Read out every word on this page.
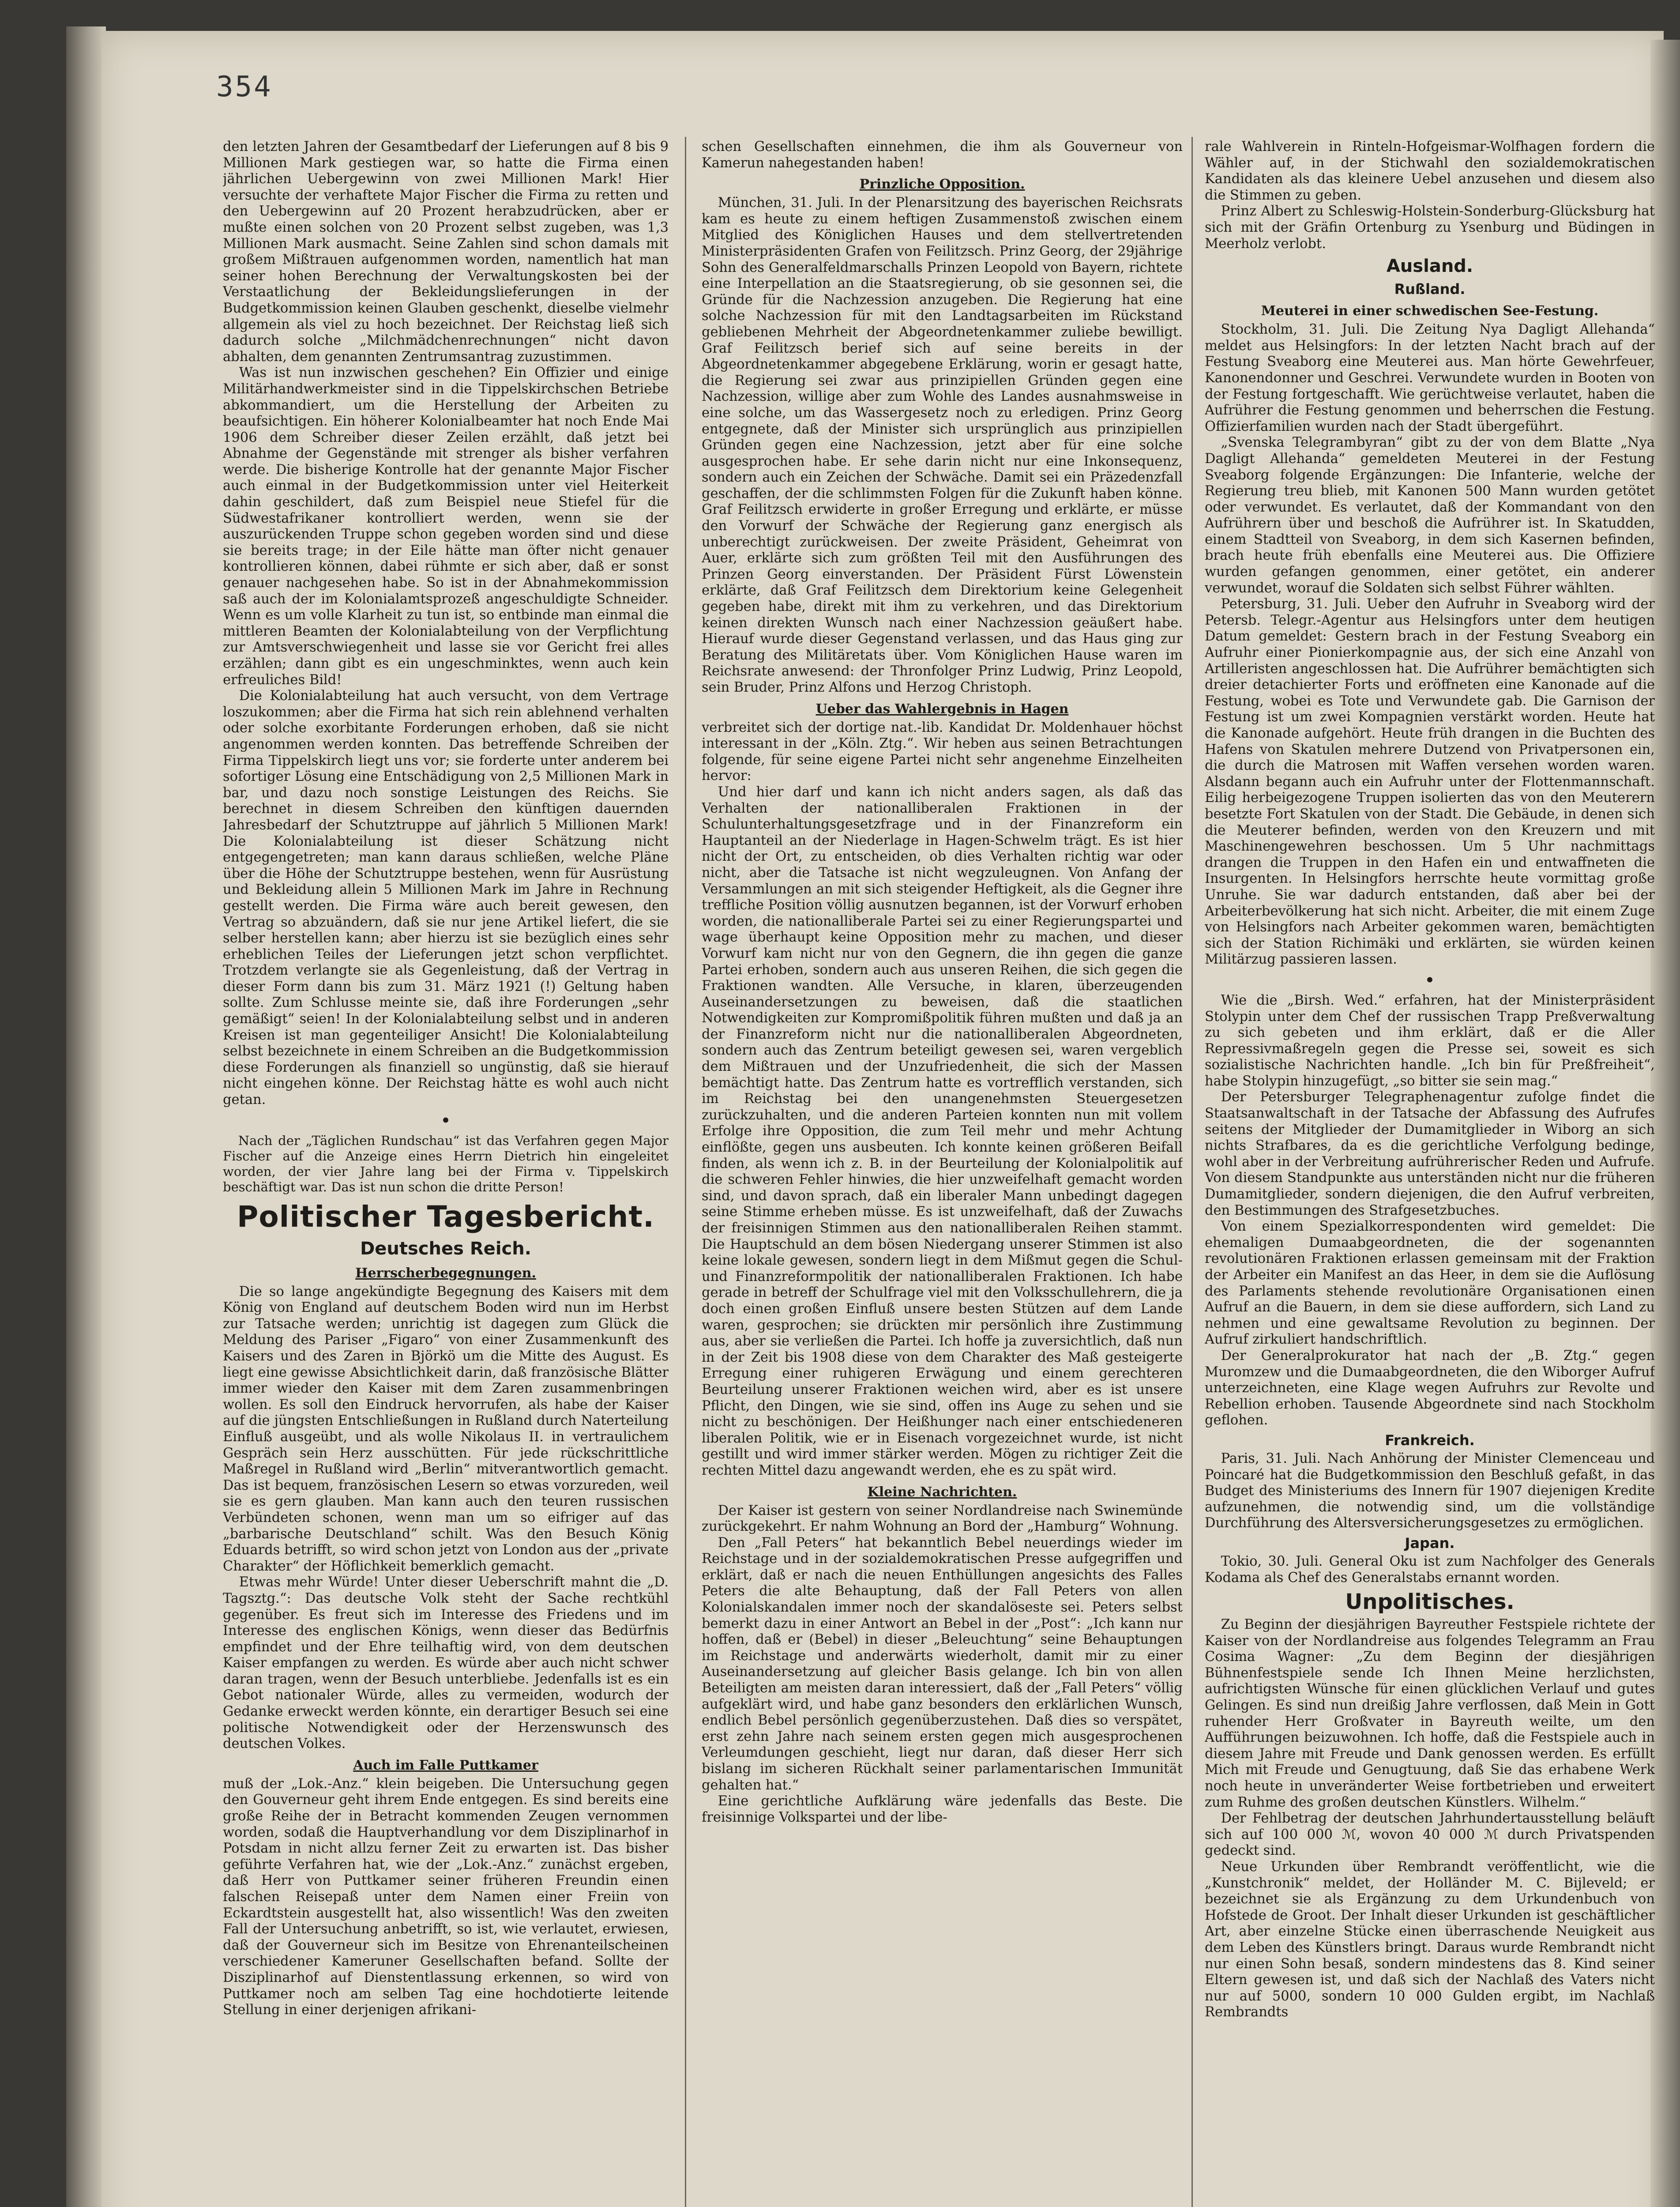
354

den letzten Jahren der Gesamtbedarf der Lieferungen auf 8 bis 9 Millionen Mark gestiegen war, so hatte die Firma einen jährlichen Uebergewinn von zwei Millionen Mark! Hier versuchte der verhaftete Major Fischer die Firma zu retten und den Uebergewinn auf 20 Prozent herabzudrücken, aber er mußte einen solchen von 20 Prozent selbst zugeben, was 1,3 Millionen Mark ausmacht. Seine Zahlen sind schon damals mit großem Mißtrauen aufgenommen worden, namentlich hat man seiner hohen Berechnung der Verwaltungskosten bei der Verstaatlichung der Bekleidungslieferungen in der Budgetkommission keinen Glauben geschenkt, dieselbe vielmehr allgemein als viel zu hoch bezeichnet. Der Reichstag ließ sich dadurch solche „Milchmädchenrechnungen“ nicht davon abhalten, dem genannten Zentrumsantrag zuzustimmen.

Was ist nun inzwischen geschehen? Ein Offizier und einige Militärhandwerkmeister sind in die Tippelskirchschen Betriebe abkommandiert, um die Herstellung der Arbeiten zu beaufsichtigen. Ein höherer Kolonialbeamter hat noch Ende Mai 1906 dem Schreiber dieser Zeilen erzählt, daß jetzt bei Abnahme der Gegenstände mit strenger als bisher verfahren werde. Die bisherige Kontrolle hat der genannte Major Fischer auch einmal in der Budgetkommission unter viel Heiterkeit dahin geschildert, daß zum Beispiel neue Stiefel für die Südwestafrikaner kontrolliert werden, wenn sie der auszurückenden Truppe schon gegeben worden sind und diese sie bereits trage; in der Eile hätte man öfter nicht genauer kontrollieren können, dabei rühmte er sich aber, daß er sonst genauer nachgesehen habe. So ist in der Abnahmekommission saß auch der im Kolonialamtsprozeß angeschuldigte Schneider. Wenn es um volle Klarheit zu tun ist, so entbinde man einmal die mittleren Beamten der Kolonialabteilung von der Verpflichtung zur Amtsverschwiegenheit und lasse sie vor Gericht frei alles erzählen; dann gibt es ein ungeschminktes, wenn auch kein erfreuliches Bild!

Die Kolonialabteilung hat auch versucht, von dem Vertrage loszukommen; aber die Firma hat sich rein ablehnend verhalten oder solche exorbitante Forderungen erhoben, daß sie nicht angenommen werden konnten. Das betreffende Schreiben der Firma Tippelskirch liegt uns vor; sie forderte unter anderem bei sofortiger Lösung eine Entschädigung von 2,5 Millionen Mark in bar, und dazu noch sonstige Leistungen des Reichs. Sie berechnet in diesem Schreiben den künftigen dauernden Jahresbedarf der Schutztruppe auf jährlich 5 Millionen Mark! Die Kolonialabteilung ist dieser Schätzung nicht entgegengetreten; man kann daraus schließen, welche Pläne über die Höhe der Schutztruppe bestehen, wenn für Ausrüstung und Bekleidung allein 5 Millionen Mark im Jahre in Rechnung gestellt werden. Die Firma wäre auch bereit gewesen, den Vertrag so abzuändern, daß sie nur jene Artikel liefert, die sie selber herstellen kann; aber hierzu ist sie bezüglich eines sehr erheblichen Teiles der Lieferungen jetzt schon verpflichtet. Trotzdem verlangte sie als Gegenleistung, daß der Vertrag in dieser Form dann bis zum 31. März 1921 (!) Geltung haben sollte. Zum Schlusse meinte sie, daß ihre Forderungen „sehr gemäßigt“ seien! In der Kolonialabteilung selbst und in anderen Kreisen ist man gegenteiliger Ansicht! Die Kolonialabteilung selbst bezeichnete in einem Schreiben an die Budgetkommission diese Forderungen als finanziell so ungünstig, daß sie hierauf nicht eingehen könne. Der Reichstag hätte es wohl auch nicht getan.

•

Nach der „Täglichen Rundschau“ ist das Verfahren gegen Major Fischer auf die Anzeige eines Herrn Dietrich hin eingeleitet worden, der vier Jahre lang bei der Firma v. Tippelskirch beschäftigt war. Das ist nun schon die dritte Person!

Politischer Tagesbericht.
Deutsches Reich.
Herrscherbegegnungen.

Die so lange angekündigte Begegnung des Kaisers mit dem König von England auf deutschem Boden wird nun im Herbst zur Tatsache werden; unrichtig ist dagegen zum Glück die Meldung des Pariser „Figaro“ von einer Zusammenkunft des Kaisers und des Zaren in Björkö um die Mitte des August. Es liegt eine gewisse Absichtlichkeit darin, daß französische Blätter immer wieder den Kaiser mit dem Zaren zusammenbringen wollen. Es soll den Eindruck hervorrufen, als habe der Kaiser auf die jüngsten Entschließungen in Rußland durch Naterteilung Einfluß ausgeübt, und als wolle Nikolaus II. in vertraulichem Gespräch sein Herz ausschütten. Für jede rückschrittliche Maßregel in Rußland wird „Berlin“ mitverantwortlich gemacht. Das ist bequem, französischen Lesern so etwas vorzureden, weil sie es gern glauben. Man kann auch den teuren russischen Verbündeten schonen, wenn man um so eifriger auf das „barbarische Deutschland“ schilt. Was den Besuch König Eduards betrifft, so wird schon jetzt von London aus der „private Charakter“ der Höflichkeit bemerklich gemacht.

Etwas mehr Würde! Unter dieser Ueberschrift mahnt die „D. Tagsztg.“: Das deutsche Volk steht der Sache rechtkühl gegenüber. Es freut sich im Interesse des Friedens und im Interesse des englischen Königs, wenn dieser das Bedürfnis empfindet und der Ehre teilhaftig wird, von dem deutschen Kaiser empfangen zu werden. Es würde aber auch nicht schwer daran tragen, wenn der Besuch unterbliebe. Jedenfalls ist es ein Gebot nationaler Würde, alles zu vermeiden, wodurch der Gedanke erweckt werden könnte, ein derartiger Besuch sei eine politische Notwendigkeit oder der Herzenswunsch des deutschen Volkes.

Auch im Falle Puttkamer

muß der „Lok.-Anz.“ klein beigeben. Die Untersuchung gegen den Gouverneur geht ihrem Ende entgegen. Es sind bereits eine große Reihe der in Betracht kommenden Zeugen vernommen worden, sodaß die Hauptverhandlung vor dem Disziplinarhof in Potsdam in nicht allzu ferner Zeit zu erwarten ist. Das bisher geführte Verfahren hat, wie der „Lok.-Anz.“ zunächst ergeben, daß Herr von Puttkamer seiner früheren Freundin einen falschen Reisepaß unter dem Namen einer Freiin von Eckardtstein ausgestellt hat, also wissentlich! Was den zweiten Fall der Untersuchung anbetrifft, so ist, wie verlautet, erwiesen, daß der Gouverneur sich im Besitze von Ehrenanteilscheinen verschiedener Kameruner Gesellschaften befand. Sollte der Disziplinarhof auf Dienstentlassung erkennen, so wird von Puttkamer noch am selben Tag eine hochdotierte leitende Stellung in einer derjenigen afrikani-

schen Gesellschaften einnehmen, die ihm als Gouverneur von Kamerun nahegestanden haben!

Prinzliche Opposition.

München, 31. Juli. In der Plenarsitzung des bayerischen Reichsrats kam es heute zu einem heftigen Zusammenstoß zwischen einem Mitglied des Königlichen Hauses und dem stellvertretenden Ministerpräsidenten Grafen von Feilitzsch. Prinz Georg, der 29jährige Sohn des Generalfeldmarschalls Prinzen Leopold von Bayern, richtete eine Interpellation an die Staatsregierung, ob sie gesonnen sei, die Gründe für die Nachzession anzugeben. Die Regierung hat eine solche Nachzession für mit den Landtagsarbeiten im Rückstand gebliebenen Mehrheit der Abgeordnetenkammer zuliebe bewilligt. Graf Feilitzsch berief sich auf seine bereits in der Abgeordnetenkammer abgegebene Erklärung, worin er gesagt hatte, die Regierung sei zwar aus prinzipiellen Gründen gegen eine Nachzession, willige aber zum Wohle des Landes ausnahmsweise in eine solche, um das Wassergesetz noch zu erledigen. Prinz Georg entgegnete, daß der Minister sich ursprünglich aus prinzipiellen Gründen gegen eine Nachzession, jetzt aber für eine solche ausgesprochen habe. Er sehe darin nicht nur eine Inkonsequenz, sondern auch ein Zeichen der Schwäche. Damit sei ein Präzedenzfall geschaffen, der die schlimmsten Folgen für die Zukunft haben könne. Graf Feilitzsch erwiderte in großer Erregung und erklärte, er müsse den Vorwurf der Schwäche der Regierung ganz energisch als unberechtigt zurückweisen. Der zweite Präsident, Geheimrat von Auer, erklärte sich zum größten Teil mit den Ausführungen des Prinzen Georg einverstanden. Der Präsident Fürst Löwenstein erklärte, daß Graf Feilitzsch dem Direktorium keine Gelegenheit gegeben habe, direkt mit ihm zu verkehren, und das Direktorium keinen direkten Wunsch nach einer Nachzession geäußert habe. Hierauf wurde dieser Gegenstand verlassen, und das Haus ging zur Beratung des Militäretats über. Vom Königlichen Hause waren im Reichsrate anwesend: der Thronfolger Prinz Ludwig, Prinz Leopold, sein Bruder, Prinz Alfons und Herzog Christoph.

Ueber das Wahlergebnis in Hagen

verbreitet sich der dortige nat.-lib. Kandidat Dr. Moldenhauer höchst interessant in der „Köln. Ztg.“. Wir heben aus seinen Betrachtungen folgende, für seine eigene Partei nicht sehr angenehme Einzelheiten hervor:

Und hier darf und kann ich nicht anders sagen, als daß das Verhalten der nationalliberalen Fraktionen in der Schulunterhaltungsgesetzfrage und in der Finanzreform ein Hauptanteil an der Niederlage in Hagen-Schwelm trägt. Es ist hier nicht der Ort, zu entscheiden, ob dies Verhalten richtig war oder nicht, aber die Tatsache ist nicht wegzuleugnen. Von Anfang der Versammlungen an mit sich steigender Heftigkeit, als die Gegner ihre treffliche Position völlig ausnutzen begannen, ist der Vorwurf erhoben worden, die nationalliberale Partei sei zu einer Regierungspartei und wage überhaupt keine Opposition mehr zu machen, und dieser Vorwurf kam nicht nur von den Gegnern, die ihn gegen die ganze Partei erhoben, sondern auch aus unseren Reihen, die sich gegen die Fraktionen wandten. Alle Versuche, in klaren, überzeugenden Auseinandersetzungen zu beweisen, daß die staatlichen Notwendigkeiten zur Kompromißpolitik führen mußten und daß ja an der Finanzreform nicht nur die nationalliberalen Abgeordneten, sondern auch das Zentrum beteiligt gewesen sei, waren vergeblich dem Mißtrauen und der Unzufriedenheit, die sich der Massen bemächtigt hatte. Das Zentrum hatte es vortrefflich verstanden, sich im Reichstag bei den unangenehmsten Steuergesetzen zurückzuhalten, und die anderen Parteien konnten nun mit vollem Erfolge ihre Opposition, die zum Teil mehr und mehr Achtung einflößte, gegen uns ausbeuten. Ich konnte keinen größeren Beifall finden, als wenn ich z. B. in der Beurteilung der Kolonialpolitik auf die schweren Fehler hinwies, die hier unzweifelhaft gemacht worden sind, und davon sprach, daß ein liberaler Mann unbedingt dagegen seine Stimme erheben müsse. Es ist unzweifelhaft, daß der Zuwachs der freisinnigen Stimmen aus den nationalliberalen Reihen stammt. Die Hauptschuld an dem bösen Niedergang unserer Stimmen ist also keine lokale gewesen, sondern liegt in dem Mißmut gegen die Schul- und Finanzreformpolitik der nationalliberalen Fraktionen. Ich habe gerade in betreff der Schulfrage viel mit den Volksschullehrern, die ja doch einen großen Einfluß unsere besten Stützen auf dem Lande waren, gesprochen; sie drückten mir persönlich ihre Zustimmung aus, aber sie verließen die Partei. Ich hoffe ja zuversichtlich, daß nun in der Zeit bis 1908 diese von dem Charakter des Maß gesteigerte Erregung einer ruhigeren Erwägung und einem gerechteren Beurteilung unserer Fraktionen weichen wird, aber es ist unsere Pflicht, den Dingen, wie sie sind, offen ins Auge zu sehen und sie nicht zu beschönigen. Der Heißhunger nach einer entschiedeneren liberalen Politik, wie er in Eisenach vorgezeichnet wurde, ist nicht gestillt und wird immer stärker werden. Mögen zu richtiger Zeit die rechten Mittel dazu angewandt werden, ehe es zu spät wird.

Kleine Nachrichten.

Der Kaiser ist gestern von seiner Nordlandreise nach Swinemünde zurückgekehrt. Er nahm Wohnung an Bord der „Hamburg“ Wohnung.

Den „Fall Peters“ hat bekanntlich Bebel neuerdings wieder im Reichstage und in der sozialdemokratischen Presse aufgegriffen und erklärt, daß er nach die neuen Enthüllungen angesichts des Falles Peters die alte Behauptung, daß der Fall Peters von allen Kolonialskandalen immer noch der skandalöseste sei. Peters selbst bemerkt dazu in einer Antwort an Bebel in der „Post“: „Ich kann nur hoffen, daß er (Bebel) in dieser „Beleuchtung“ seine Behauptungen im Reichstage und anderwärts wiederholt, damit mir zu einer Auseinandersetzung auf gleicher Basis gelange. Ich bin von allen Beteiligten am meisten daran interessiert, daß der „Fall Peters“ völlig aufgeklärt wird, und habe ganz besonders den erklärlichen Wunsch, endlich Bebel persönlich gegenüberzustehen. Daß dies so verspätet, erst zehn Jahre nach seinem ersten gegen mich ausgesprochenen Verleumdungen geschieht, liegt nur daran, daß dieser Herr sich bislang im sicheren Rückhalt seiner parlamentarischen Immunität gehalten hat.“

Eine gerichtliche Aufklärung wäre jedenfalls das Beste. Die freisinnige Volkspartei und der libe-

rale Wahlverein in Rinteln-Hofgeismar-Wolfhagen fordern die Wähler auf, in der Stichwahl den sozialdemokratischen Kandidaten als das kleinere Uebel anzusehen und diesem also die Stimmen zu geben.

Prinz Albert zu Schleswig-Holstein-Sonderburg-Glücksburg hat sich mit der Gräfin Ortenburg zu Ysenburg und Büdingen in Meerholz verlobt.

Ausland.
Rußland.
Meuterei in einer schwedischen See-Festung.

Stockholm, 31. Juli. Die Zeitung Nya Dagligt Allehanda“ meldet aus Helsingfors: In der letzten Nacht brach auf der Festung Sveaborg eine Meuterei aus. Man hörte Gewehrfeuer, Kanonendonner und Geschrei. Verwundete wurden in Booten von der Festung fortgeschafft. Wie gerüchtweise verlautet, haben die Aufrührer die Festung genommen und beherrschen die Festung. Offizierfamilien wurden nach der Stadt übergeführt.

„Svenska Telegrambyran“ gibt zu der von dem Blatte „Nya Dagligt Allehanda“ gemeldeten Meuterei in der Festung Sveaborg folgende Ergänzungen: Die Infanterie, welche der Regierung treu blieb, mit Kanonen 500 Mann wurden getötet oder verwundet. Es verlautet, daß der Kommandant von den Aufrührern über und beschoß die Aufrührer ist. In Skatudden, einem Stadtteil von Sveaborg, in dem sich Kasernen befinden, brach heute früh ebenfalls eine Meuterei aus. Die Offiziere wurden gefangen genommen, einer getötet, ein anderer verwundet, worauf die Soldaten sich selbst Führer wählten.

Petersburg, 31. Juli. Ueber den Aufruhr in Sveaborg wird der Petersb. Telegr.-Agentur aus Helsingfors unter dem heutigen Datum gemeldet: Gestern brach in der Festung Sveaborg ein Aufruhr einer Pionierkompagnie aus, der sich eine Anzahl von Artilleristen angeschlossen hat. Die Aufrührer bemächtigten sich dreier detachierter Forts und eröffneten eine Kanonade auf die Festung, wobei es Tote und Verwundete gab. Die Garnison der Festung ist um zwei Kompagnien verstärkt worden. Heute hat die Kanonade aufgehört. Heute früh drangen in die Buchten des Hafens von Skatulen mehrere Dutzend von Privatpersonen ein, die durch die Matrosen mit Waffen versehen worden waren. Alsdann begann auch ein Aufruhr unter der Flottenmannschaft. Eilig herbeigezogene Truppen isolierten das von den Meuterern besetzte Fort Skatulen von der Stadt. Die Gebäude, in denen sich die Meuterer befinden, werden von den Kreuzern und mit Maschinengewehren beschossen. Um 5 Uhr nachmittags drangen die Truppen in den Hafen ein und entwaffneten die Insurgenten. In Helsingfors herrschte heute vormittag große Unruhe. Sie war dadurch entstanden, daß aber bei der Arbeiterbevölkerung hat sich nicht. Arbeiter, die mit einem Zuge von Helsingfors nach Arbeiter gekommen waren, bemächtigten sich der Station Richimäki und erklärten, sie würden keinen Militärzug passieren lassen.

•

Wie die „Birsh. Wed.“ erfahren, hat der Ministerpräsident Stolypin unter dem Chef der russischen Trapp Preßverwaltung zu sich gebeten und ihm erklärt, daß er die Aller Repressivmaßregeln gegen die Presse sei, soweit es sich sozialistische Nachrichten handle. „Ich bin für Preßfreiheit“, habe Stolypin hinzugefügt, „so bitter sie sein mag.“

Der Petersburger Telegraphenagentur zufolge findet die Staatsanwaltschaft in der Tatsache der Abfassung des Aufrufes seitens der Mitglieder der Dumamitglieder in Wiborg an sich nichts Strafbares, da es die gerichtliche Verfolgung bedinge, wohl aber in der Verbreitung aufrührerischer Reden und Aufrufe. Von diesem Standpunkte aus unterständen nicht nur die früheren Dumamitglieder, sondern diejenigen, die den Aufruf verbreiten, den Bestimmungen des Strafgesetzbuches.

Von einem Spezialkorrespondenten wird gemeldet: Die ehemaligen Dumaabgeordneten, die der sogenannten revolutionären Fraktionen erlassen gemeinsam mit der Fraktion der Arbeiter ein Manifest an das Heer, in dem sie die Auflösung des Parlaments stehende revolutionäre Organisationen einen Aufruf an die Bauern, in dem sie diese auffordern, sich Land zu nehmen und eine gewaltsame Revolution zu beginnen. Der Aufruf zirkuliert handschriftlich.

Der Generalprokurator hat nach der „B. Ztg.“ gegen Muromzew und die Dumaabgeordneten, die den Wiborger Aufruf unterzeichneten, eine Klage wegen Aufruhrs zur Revolte und Rebellion erhoben. Tausende Abgeordnete sind nach Stockholm geflohen.

Frankreich.

Paris, 31. Juli. Nach Anhörung der Minister Clemenceau und Poincaré hat die Budgetkommission den Beschluß gefaßt, in das Budget des Ministeriums des Innern für 1907 diejenigen Kredite aufzunehmen, die notwendig sind, um die vollständige Durchführung des Altersversicherungsgesetzes zu ermöglichen.

Japan.

Tokio, 30. Juli. General Oku ist zum Nachfolger des Generals Kodama als Chef des Generalstabs ernannt worden.

Unpolitisches.

Zu Beginn der diesjährigen Bayreuther Festspiele richtete der Kaiser von der Nordlandreise aus folgendes Telegramm an Frau Cosima Wagner: „Zu dem Beginn der diesjährigen Bühnenfestspiele sende Ich Ihnen Meine herzlichsten, aufrichtigsten Wünsche für einen glücklichen Verlauf und gutes Gelingen. Es sind nun dreißig Jahre verflossen, daß Mein in Gott ruhender Herr Großvater in Bayreuth weilte, um den Aufführungen beizuwohnen. Ich hoffe, daß die Festspiele auch in diesem Jahre mit Freude und Dank genossen werden. Es erfüllt Mich mit Freude und Genugtuung, daß Sie das erhabene Werk noch heute in unveränderter Weise fortbetrieben und erweitert zum Ruhme des großen deutschen Künstlers. Wilhelm.“

Der Fehlbetrag der deutschen Jahrhundertausstellung beläuft sich auf 100 000 ℳ, wovon 40 000 ℳ durch Privatspenden gedeckt sind.

Neue Urkunden über Rembrandt veröffentlicht, wie die „Kunstchronik“ meldet, der Holländer M. C. Bijleveld; er bezeichnet sie als Ergänzung zu dem Urkundenbuch von Hofstede de Groot. Der Inhalt dieser Urkunden ist geschäftlicher Art, aber einzelne Stücke einen überraschende Neuigkeit aus dem Leben des Künstlers bringt. Daraus wurde Rembrandt nicht nur einen Sohn besaß, sondern mindestens das 8. Kind seiner Eltern gewesen ist, und daß sich der Nachlaß des Vaters nicht nur auf 5000, sondern 10 000 Gulden ergibt, im Nachlaß Rembrandts
